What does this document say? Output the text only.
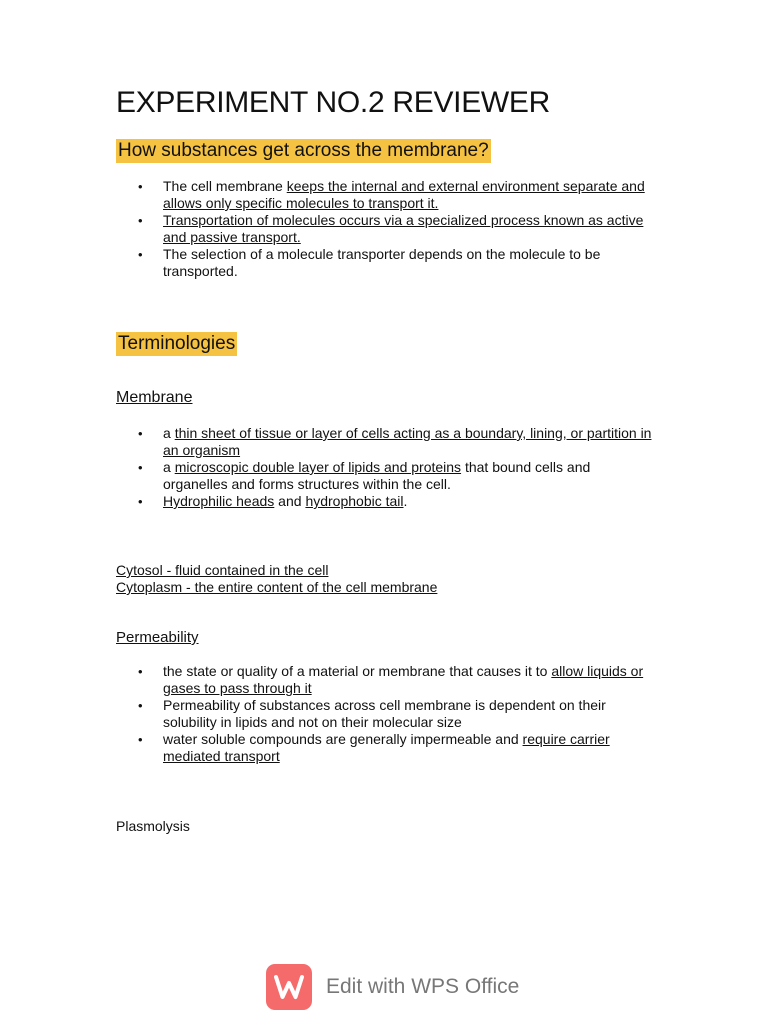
EXPERIMENT NO.2 REVIEWER
How substances get across the membrane?
• The cell membrane keeps the internal and external environment separate and allows only specific molecules to transport it.
• Transportation of molecules occurs via a specialized process known as active and passive transport.
• The selection of a molecule transporter depends on the molecule to be transported.
Terminologies
Membrane
• a thin sheet of tissue or layer of cells acting as a boundary, lining, or partition in an organism
• a microscopic double layer of lipids and proteins that bound cells and organelles and forms structures within the cell.
• Hydrophilic heads and hydrophobic tail.
Cytosol - fluid contained in the cell
Cytoplasm - the entire content of the cell membrane
Permeability
• the state or quality of a material or membrane that causes it to allow liquids or gases to pass through it
• Permeability of substances across cell membrane is dependent on their solubility in lipids and not on their molecular size
• water soluble compounds are generally impermeable and require carrier mediated transport
Plasmolysis
Edit with WPS Office
